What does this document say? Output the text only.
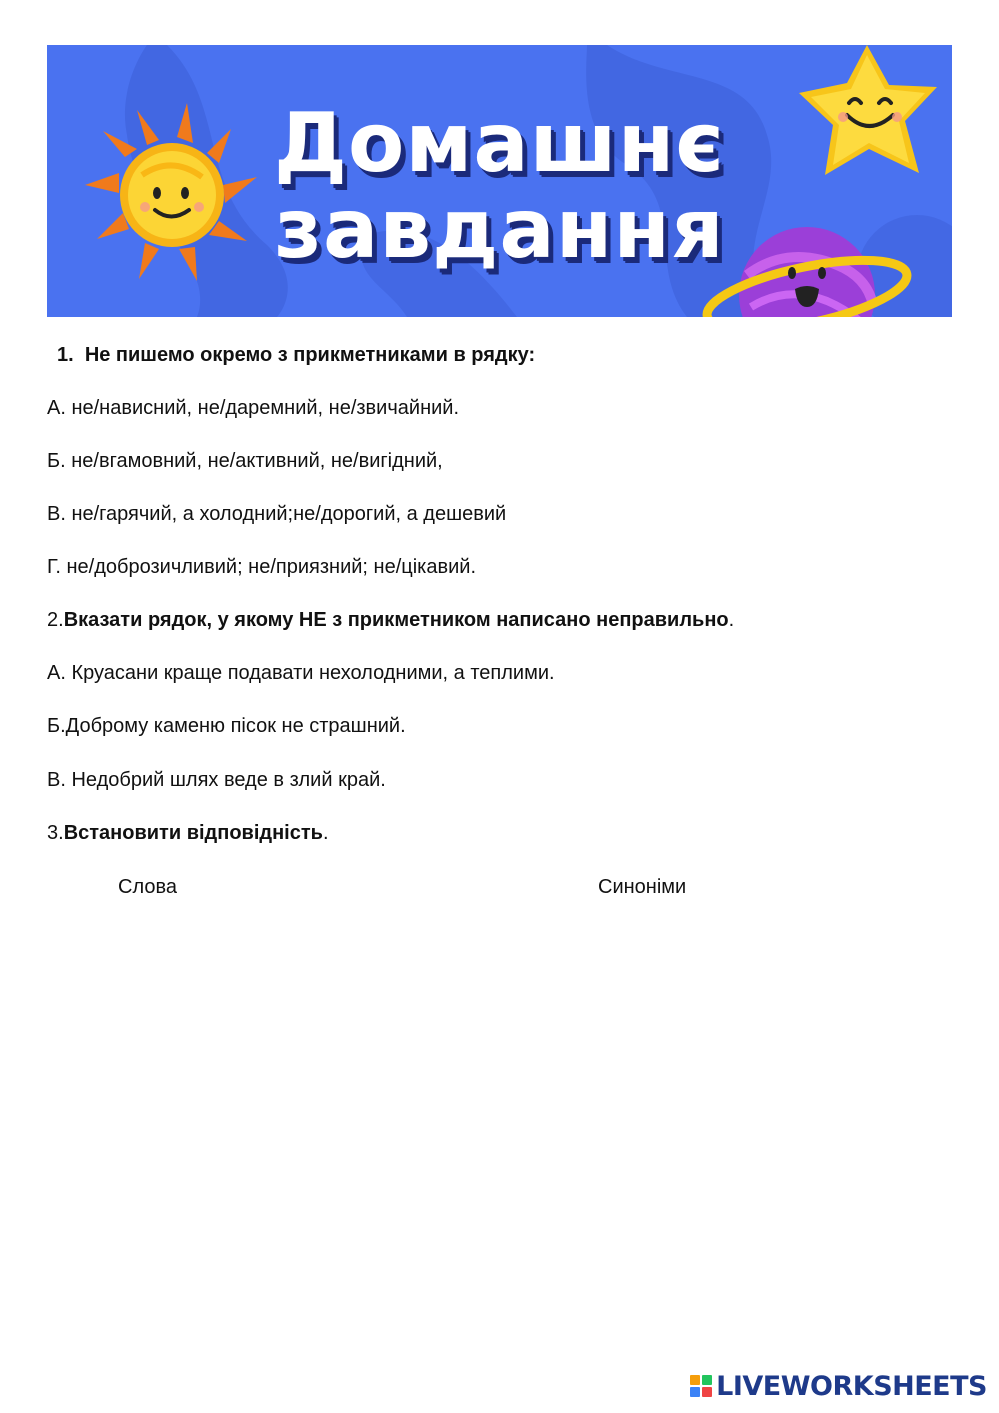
Домашнє
завдання
1. Не пишемо окремо з прикметниками в рядку:
А. не/нависний, не/даремний, не/звичайний.
Б. не/вгамовний, не/активний, не/вигідний,
В. не/гарячий, а холодний;не/дорогий, а дешевий
Г. не/доброзичливий; не/приязний; не/цікавий.
2.Вказати рядок, у якому НЕ з прикметником написано неправильно.
А. Круасани краще подавати нехолодними, а теплими.
Б.Доброму каменю пісок не страшний.
В. Недобрий шлях веде в злий край.
3.Встановити відповідність.
Слова	Синоніми
LIVEWORKSHEETS
